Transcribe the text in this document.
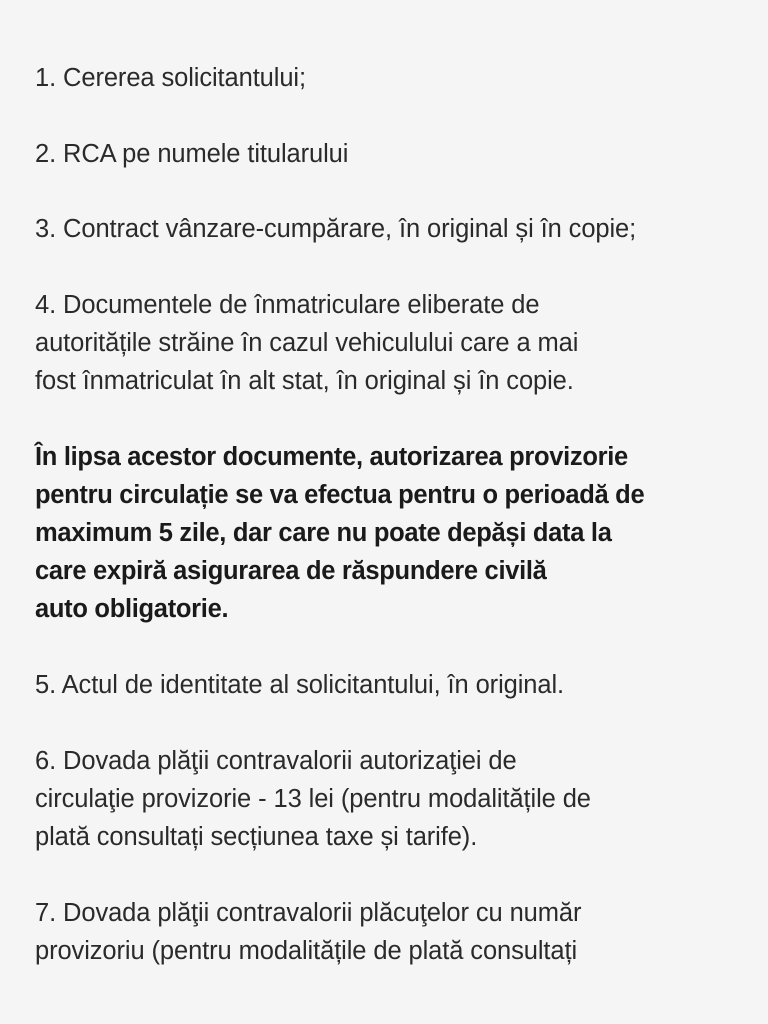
1. Cererea solicitantului;

2. RCA pe numele titularului

3. Contract vânzare-cumpărare, în original și în copie;

4. Documentele de înmatriculare eliberate de

autoritățile străine în cazul vehiculului care a mai

fost înmatriculat în alt stat, în original și în copie.

În lipsa acestor documente, autorizarea provizorie

pentru circulație se va efectua pentru o perioadă de

maximum 5 zile, dar care nu poate depăși data la

care expiră asigurarea de răspundere civilă

auto obligatorie.

5. Actul de identitate al solicitantului, în original.

6. Dovada plăţii contravalorii autorizaţiei de

circulaţie provizorie - 13 lei (pentru modalitățile de

plată consultați secțiunea taxe și tarife).

7. Dovada plăţii contravalorii plăcuţelor cu număr

provizoriu (pentru modalitățile de plată consultați
